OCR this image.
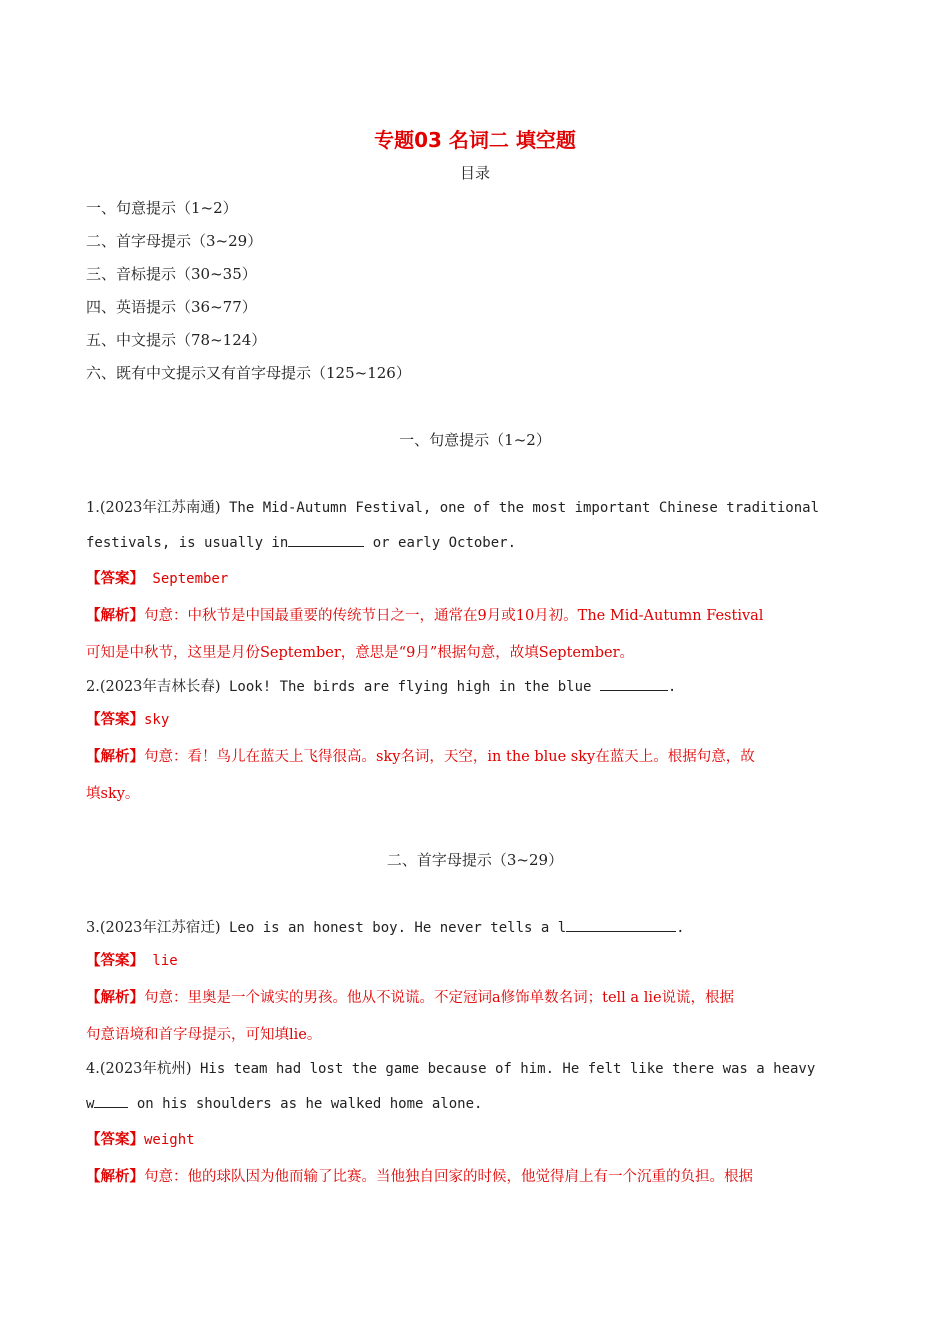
专题03 名词二 填空题
目录
一、句意提示（1~2）
二、首字母提示（3~29）
三、音标提示（30~35）
四、英语提示（36~77）
五、中文提示（78~124）
六、既有中文提示又有首字母提示（125~126）
一、句意提示（1~2）
1.(2023年江苏南通) The Mid-Autumn Festival, one of the most important Chinese traditional
festivals, is usually in	or early October.
【答案】 September
【解析】句意：中秋节是中国最重要的传统节日之一，通常在9月或10月初。The Mid-Autumn Festival
可知是中秋节，这里是月份September，意思是“9月”根据句意，故填September。
2.(2023年吉林长春) Look! The birds are flying high in the blue	.
【答案】sky
【解析】句意：看！鸟儿在蓝天上飞得很高。sky名词，天空，in the blue sky在蓝天上。根据句意，故
填sky。
二、首字母提示（3~29）
3.(2023年江苏宿迁) Leo is an honest boy. He never tells a l	.
【答案】 lie
【解析】句意：里奥是一个诚实的男孩。他从不说谎。不定冠词a修饰单数名词；tell a lie说谎，根据
句意语境和首字母提示，可知填lie。
4.(2023年杭州) His team had lost the game because of him. He felt like there was a heavy
w on his shoulders as he walked home alone.
【答案】weight
【解析】句意：他的球队因为他而输了比赛。当他独自回家的时候，他觉得肩上有一个沉重的负担。根据
